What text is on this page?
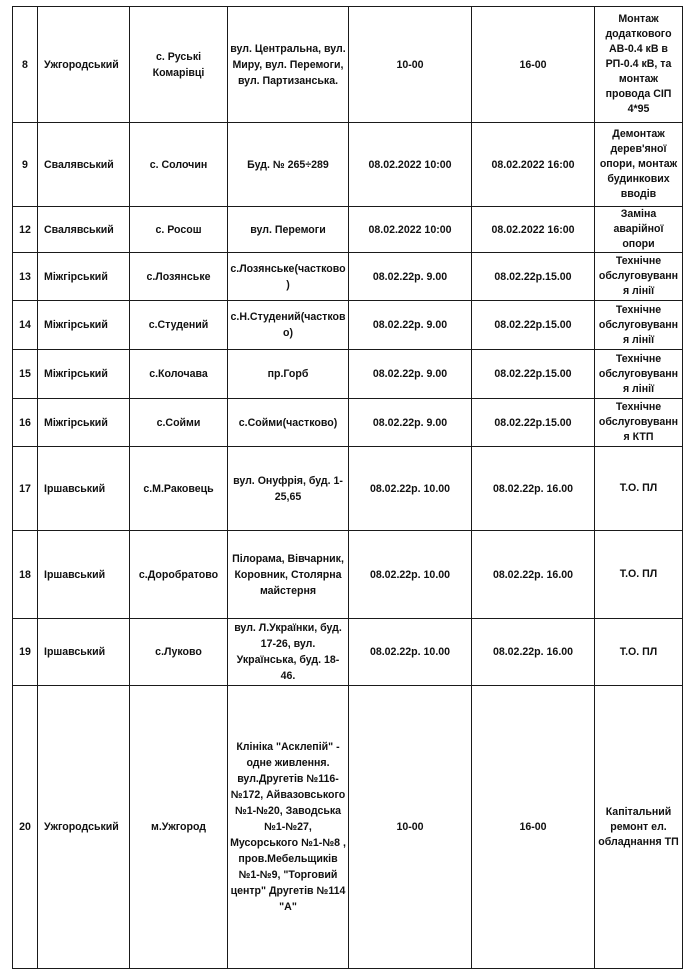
8	Ужгородський	с. Руські Комарівці	вул. Центральна, вул. Миру, вул. Перемоги, вул. Партизанська.	10-00	16-00	Монтаж додаткового АВ-0.4 кВ в РП-0.4 кВ, та монтаж провода СІП 4*95
9	Свалявський	с. Солочин	Буд. № 265÷289	08.02.2022 10:00	08.02.2022 16:00	Демонтаж дерев'яної опори, монтаж будинкових вводів
12	Свалявський	с. Росош	вул. Перемоги	08.02.2022 10:00	08.02.2022 16:00	Заміна аварійної опори
13	Міжгірський	с.Лозянське	с.Лозянське(частково)	08.02.22р. 9.00	08.02.22р.15.00	Технічне обслуговування лінії
14	Міжгірський	с.Студений	с.Н.Студений(частково)	08.02.22р. 9.00	08.02.22р.15.00	Технічне обслуговування лінії
15	Міжгірський	с.Колочава	пр.Горб	08.02.22р. 9.00	08.02.22р.15.00	Технічне обслуговування лінії
16	Міжгірський	с.Сойми	с.Сойми(частково)	08.02.22р. 9.00	08.02.22р.15.00	Технічне обслуговування КТП
17	Іршавський	с.М.Раковець	вул. Онуфрія, буд. 1-25,65	08.02.22р. 10.00	08.02.22р. 16.00	Т.О. ПЛ
18	Іршавський	с.Доробратово	Пілорама, Вівчарник, Коровник, Столярна майстерня	08.02.22р. 10.00	08.02.22р. 16.00	Т.О. ПЛ
19	Іршавський	с.Луково	вул. Л.Українки, буд. 17-26, вул. Українська, буд. 18-46.	08.02.22р. 10.00	08.02.22р. 16.00	Т.О. ПЛ
20	Ужгородський	м.Ужгород	Клініка "Асклепій" - одне живлення. вул.Другетів №116-№172, Айвазовського №1-№20, Заводська №1-№27, Мусорського №1-№8 , пров.Мебельщиків №1-№9, "Торговий центр" Другетів №114 "А"	10-00	16-00	Капітальний ремонт ел. обладнання ТП
